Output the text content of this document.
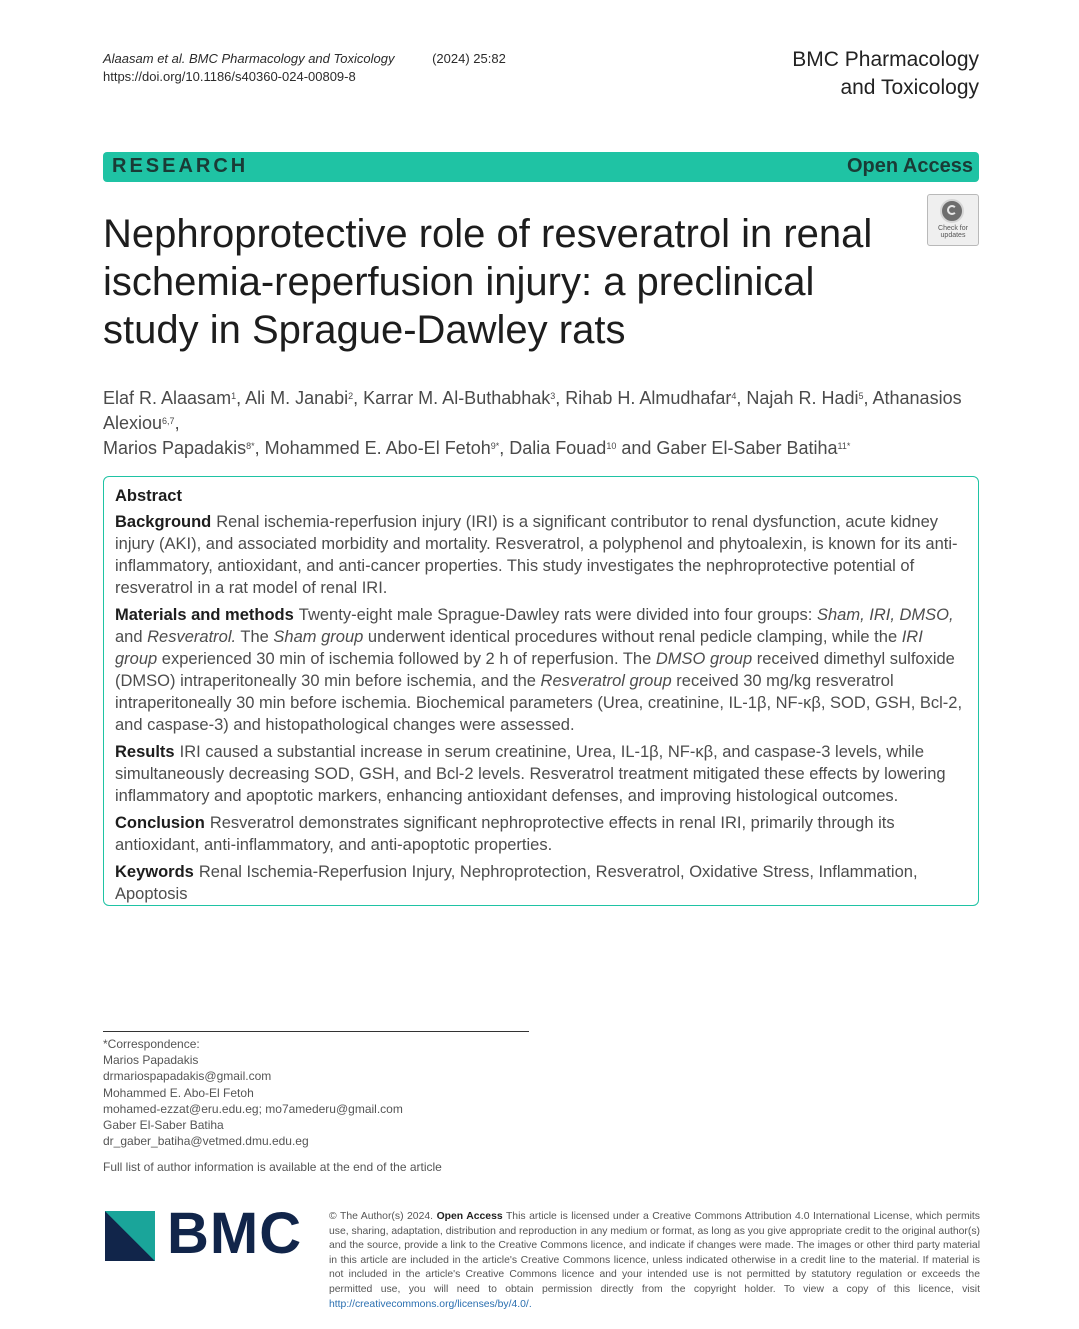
Alaasam et al. BMC Pharmacology and Toxicology	(2024) 25:82
https://doi.org/10.1186/s40360-024-00809-8
BMC Pharmacology
and Toxicology
RESEARCH	Open Access
Nephroprotective role of resveratrol in renal ischemia-reperfusion injury: a preclinical study in Sprague-Dawley rats
Check for
updates
Elaf R. Alaasam$^1$, Ali M. Janabi$^2$, Karrar M. Al-Buthabhak$^3$, Rihab H. Almudhafar$^4$, Najah R. Hadi$^5$, Athanasios Alexiou$^{6,7}$,
Marios Papadakis$^{8*}$, Mohammed E. Abo-El Fetoh$^{9*}$, Dalia Fouad$^{10}$ and Gaber El-Saber Batiha$^{11*}$
Abstract

Background Renal ischemia-reperfusion injury (IRI) is a significant contributor to renal dysfunction, acute kidney injury (AKI), and associated morbidity and mortality. Resveratrol, a polyphenol and phytoalexin, is known for its anti-inflammatory, antioxidant, and anti-cancer properties. This study investigates the nephroprotective potential of resveratrol in a rat model of renal IRI.

Materials and methods Twenty-eight male Sprague-Dawley rats were divided into four groups: Sham, IRI, DMSO, and Resveratrol. The Sham group underwent identical procedures without renal pedicle clamping, while the IRI group experienced 30 min of ischemia followed by 2 h of reperfusion. The DMSO group received dimethyl sulfoxide (DMSO) intraperitoneally 30 min before ischemia, and the Resveratrol group received 30 mg/kg resveratrol intraperitoneally 30 min before ischemia. Biochemical parameters (Urea, creatinine, IL-1β, NF-κβ, SOD, GSH, Bcl-2, and caspase-3) and histopathological changes were assessed.

Results IRI caused a substantial increase in serum creatinine, Urea, IL-1β, NF-κβ, and caspase-3 levels, while simultaneously decreasing SOD, GSH, and Bcl-2 levels. Resveratrol treatment mitigated these effects by lowering inflammatory and apoptotic markers, enhancing antioxidant defenses, and improving histological outcomes.

Conclusion Resveratrol demonstrates significant nephroprotective effects in renal IRI, primarily through its antioxidant, anti-inflammatory, and anti-apoptotic properties.

Keywords Renal Ischemia-Reperfusion Injury, Nephroprotection, Resveratrol, Oxidative Stress, Inflammation, Apoptosis

*Correspondence:
Marios Papadakis
drmariospapadakis@gmail.com
Mohammed E. Abo-El Fetoh
mohamed-ezzat@eru.edu.eg; mo7amederu@gmail.com
Gaber El-Saber Batiha
dr_gaber_batiha@vetmed.dmu.edu.eg
Full list of author information is available at the end of the article
BMC	© The Author(s) 2024. Open Access This article is licensed under a Creative Commons Attribution 4.0 International License, which permits use, sharing, adaptation, distribution and reproduction in any medium or format, as long as you give appropriate credit to the original author(s) and the source, provide a link to the Creative Commons licence, and indicate if changes were made. The images or other third party material in this article are included in the article's Creative Commons licence, unless indicated otherwise in a credit line to the material. If material is not included in the article's Creative Commons licence and your intended use is not permitted by statutory regulation or exceeds the permitted use, you will need to obtain permission directly from the copyright holder. To view a copy of this licence, visit http://creativecommons.org/licenses/by/4.0/.
